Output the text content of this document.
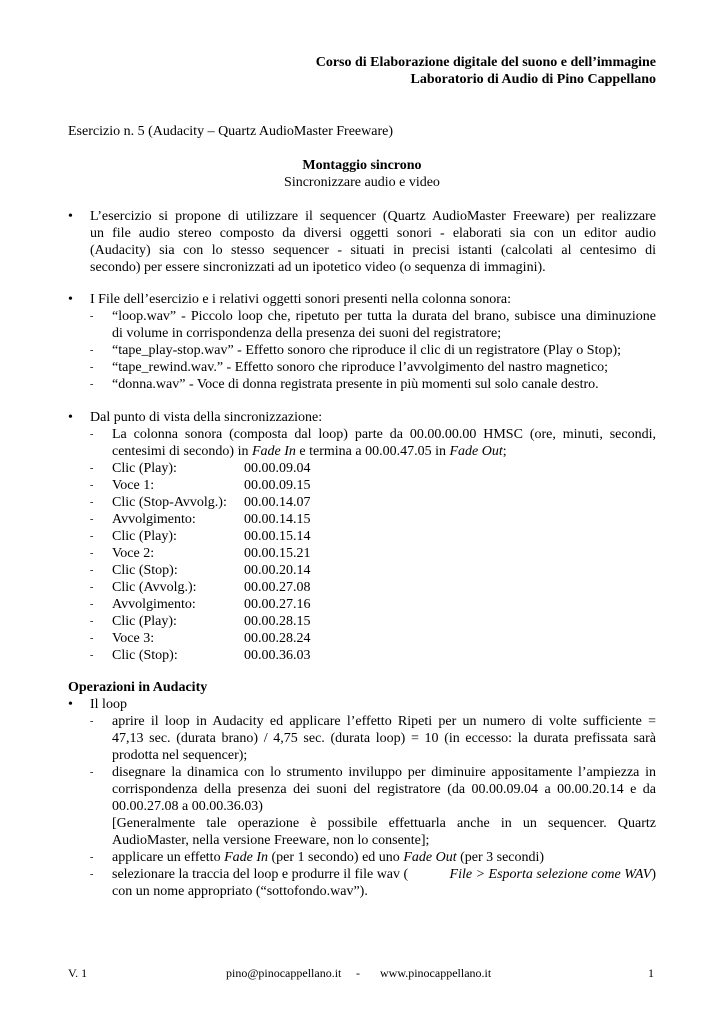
Corso di Elaborazione digitale del suono e dell’immagine
Laboratorio di Audio di Pino Cappellano
Esercizio n. 5 (Audacity – Quartz AudioMaster Freeware)
Montaggio sincrono
Sincronizzare audio e video
• L’esercizio si propone di utilizzare il sequencer (Quartz AudioMaster Freeware) per realizzare
un file audio stereo composto da diversi oggetti sonori - elaborati sia con un editor audio
(Audacity) sia con lo stesso sequencer - situati in precisi istanti (calcolati al centesimo di
secondo) per essere sincronizzati ad un ipotetico video (o sequenza di immagini).
• I File dell’esercizio e i relativi oggetti sonori presenti nella colonna sonora:
- “loop.wav” - Piccolo loop che, ripetuto per tutta la durata del brano, subisce una diminuzione
di volume in corrispondenza della presenza dei suoni del registratore;
- “tape_play-stop.wav” - Effetto sonoro che riproduce il clic di un registratore (Play o Stop);
- “tape_rewind.wav.” - Effetto sonoro che riproduce l’avvolgimento del nastro magnetico;
- “donna.wav” - Voce di donna registrata presente in più momenti sul solo canale destro.
• Dal punto di vista della sincronizzazione:
- La colonna sonora (composta dal loop) parte da 00.00.00.00 HMSC (ore, minuti, secondi,
centesimi di secondo) in Fade In e termina a 00.00.47.05 in Fade Out;
- Clic (Play):	00.00.09.04
- Voce 1:	00.00.09.15
- Clic (Stop-Avvolg.): 00.00.14.07
- Avvolgimento:	00.00.14.15
- Clic (Play):	00.00.15.14
- Voce 2:	00.00.15.21
- Clic (Stop):	00.00.20.14
- Clic (Avvolg.):	00.00.27.08
- Avvolgimento:	00.00.27.16
- Clic (Play):	00.00.28.15
- Voce 3:	00.00.28.24
- Clic (Stop):	00.00.36.03
Operazioni in Audacity
• Il loop
- aprire il loop in Audacity ed applicare l’effetto Ripeti per un numero di volte sufficiente =
47,13 sec. (durata brano) / 4,75 sec. (durata loop) = 10 (in eccesso: la durata prefissata sarà
prodotta nel sequencer);
- disegnare la dinamica con lo strumento inviluppo per diminuire appositamente l’ampiezza in
corrispondenza della presenza dei suoni del registratore (da 00.00.09.04 a 00.00.20.14 e da
00.00.27.08 a 00.00.36.03)
[Generalmente tale operazione è possibile effettuarla anche in un sequencer. Quartz
AudioMaster, nella versione Freeware, non lo consente];
- applicare un effetto Fade In (per 1 secondo) ed uno Fade Out (per 3 secondi)
- selezionare la traccia del loop e produrre il file wav (	File > Esporta selezione come WAV)
con un nome appropriato (“sottofondo.wav”).
V. 1	pino@pinocappellano.it - www.pinocappellano.it	1
